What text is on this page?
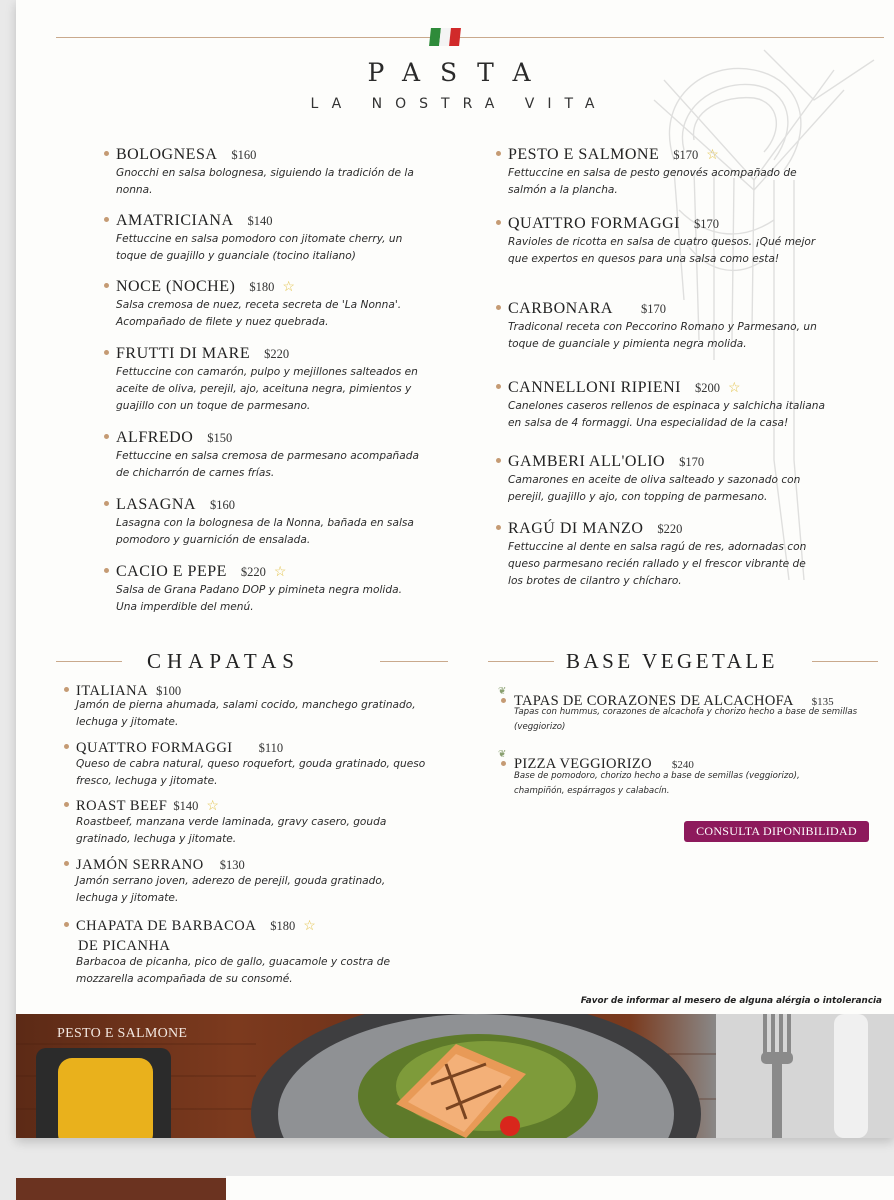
PASTA
LA NOSTRA VITA
BOLOGNESA $160
Gnocchi en salsa bolognesa, siguiendo la tradición de la nonna.
AMATRICIANA $140
Fettuccine en salsa pomodoro con jitomate cherry, un toque de guajillo y guanciale (tocino italiano)
NOCE (NOCHE) $180 ☆
Salsa cremosa de nuez, receta secreta de 'La Nonna'. Acompañado de filete y nuez quebrada.
FRUTTI DI MARE $220
Fettuccine con camarón, pulpo y mejillones salteados en aceite de oliva, perejil, ajo, aceituna negra, pimientos y guajillo con un toque de parmesano.
ALFREDO $150
Fettuccine en salsa cremosa de parmesano acompañada de chicharrón de carnes frías.
LASAGNA $160
Lasagna con la bolognesa de la Nonna, bañada en salsa pomodoro y guarnición de ensalada.
CACIO E PEPE $220 ☆
Salsa de Grana Padano DOP y pimineta negra molida. Una imperdible del menú.
PESTO E SALMONE $170 ☆
Fettuccine en salsa de pesto genovés acompañado de salmón a la plancha.
QUATTRO FORMAGGI $170
Ravioles de ricotta en salsa de cuatro quesos. ¡Qué mejor que expertos en quesos para una salsa como esta!
CARBONARA $170
Tradiconal receta con Peccorino Romano y Parmesano, un toque de guanciale y pimienta negra molida.
CANNELLONI RIPIENI $200 ☆
Canelones caseros rellenos de espinaca y salchicha italiana en salsa de 4 formaggi. Una especialidad de la casa!
GAMBERI ALL'OLIO $170
Camarones en aceite de oliva salteado y sazonado con perejil, guajillo y ajo, con topping de parmesano.
RAGÚ DI MANZO $220
Fettuccine al dente en salsa ragú de res, adornadas con queso parmesano recién rallado y el frescor vibrante de los brotes de cilantro y chícharo.
CHAPATAS	BASE VEGETALE
ITALIANA $100
Jamón de pierna ahumada, salami cocido, manchego gratinado, lechuga y jitomate.
QUATTRO FORMAGGI $110
Queso de cabra natural, queso roquefort, gouda gratinado, queso fresco, lechuga y jitomate.
ROAST BEEF $140 ☆
Roastbeef, manzana verde laminada, gravy casero, gouda gratinado, lechuga y jitomate.
JAMÓN SERRANO $130
Jamón serrano joven, aderezo de perejil, gouda gratinado, lechuga y jitomate.
CHAPATA DE BARBACOA $180 ☆
DE PICANHA
Barbacoa de picanha, pico de gallo, guacamole y costra de mozzarella acompañada de su consomé.
❦
TAPAS DE CORAZONES DE ALCACHOFA $135
Tapas con hummus, corazones de alcachofa y chorizo hecho a base de semillas (veggiorizo)
❦
PIZZA VEGGIORIZO $240
Base de pomodoro, chorizo hecho a base de semillas (veggiorizo), champiñón, espárragos y calabacín.
CONSULTA DIPONIBILIDAD
Favor de informar al mesero de alguna alérgia o intolerancia
PESTO E SALMONE
